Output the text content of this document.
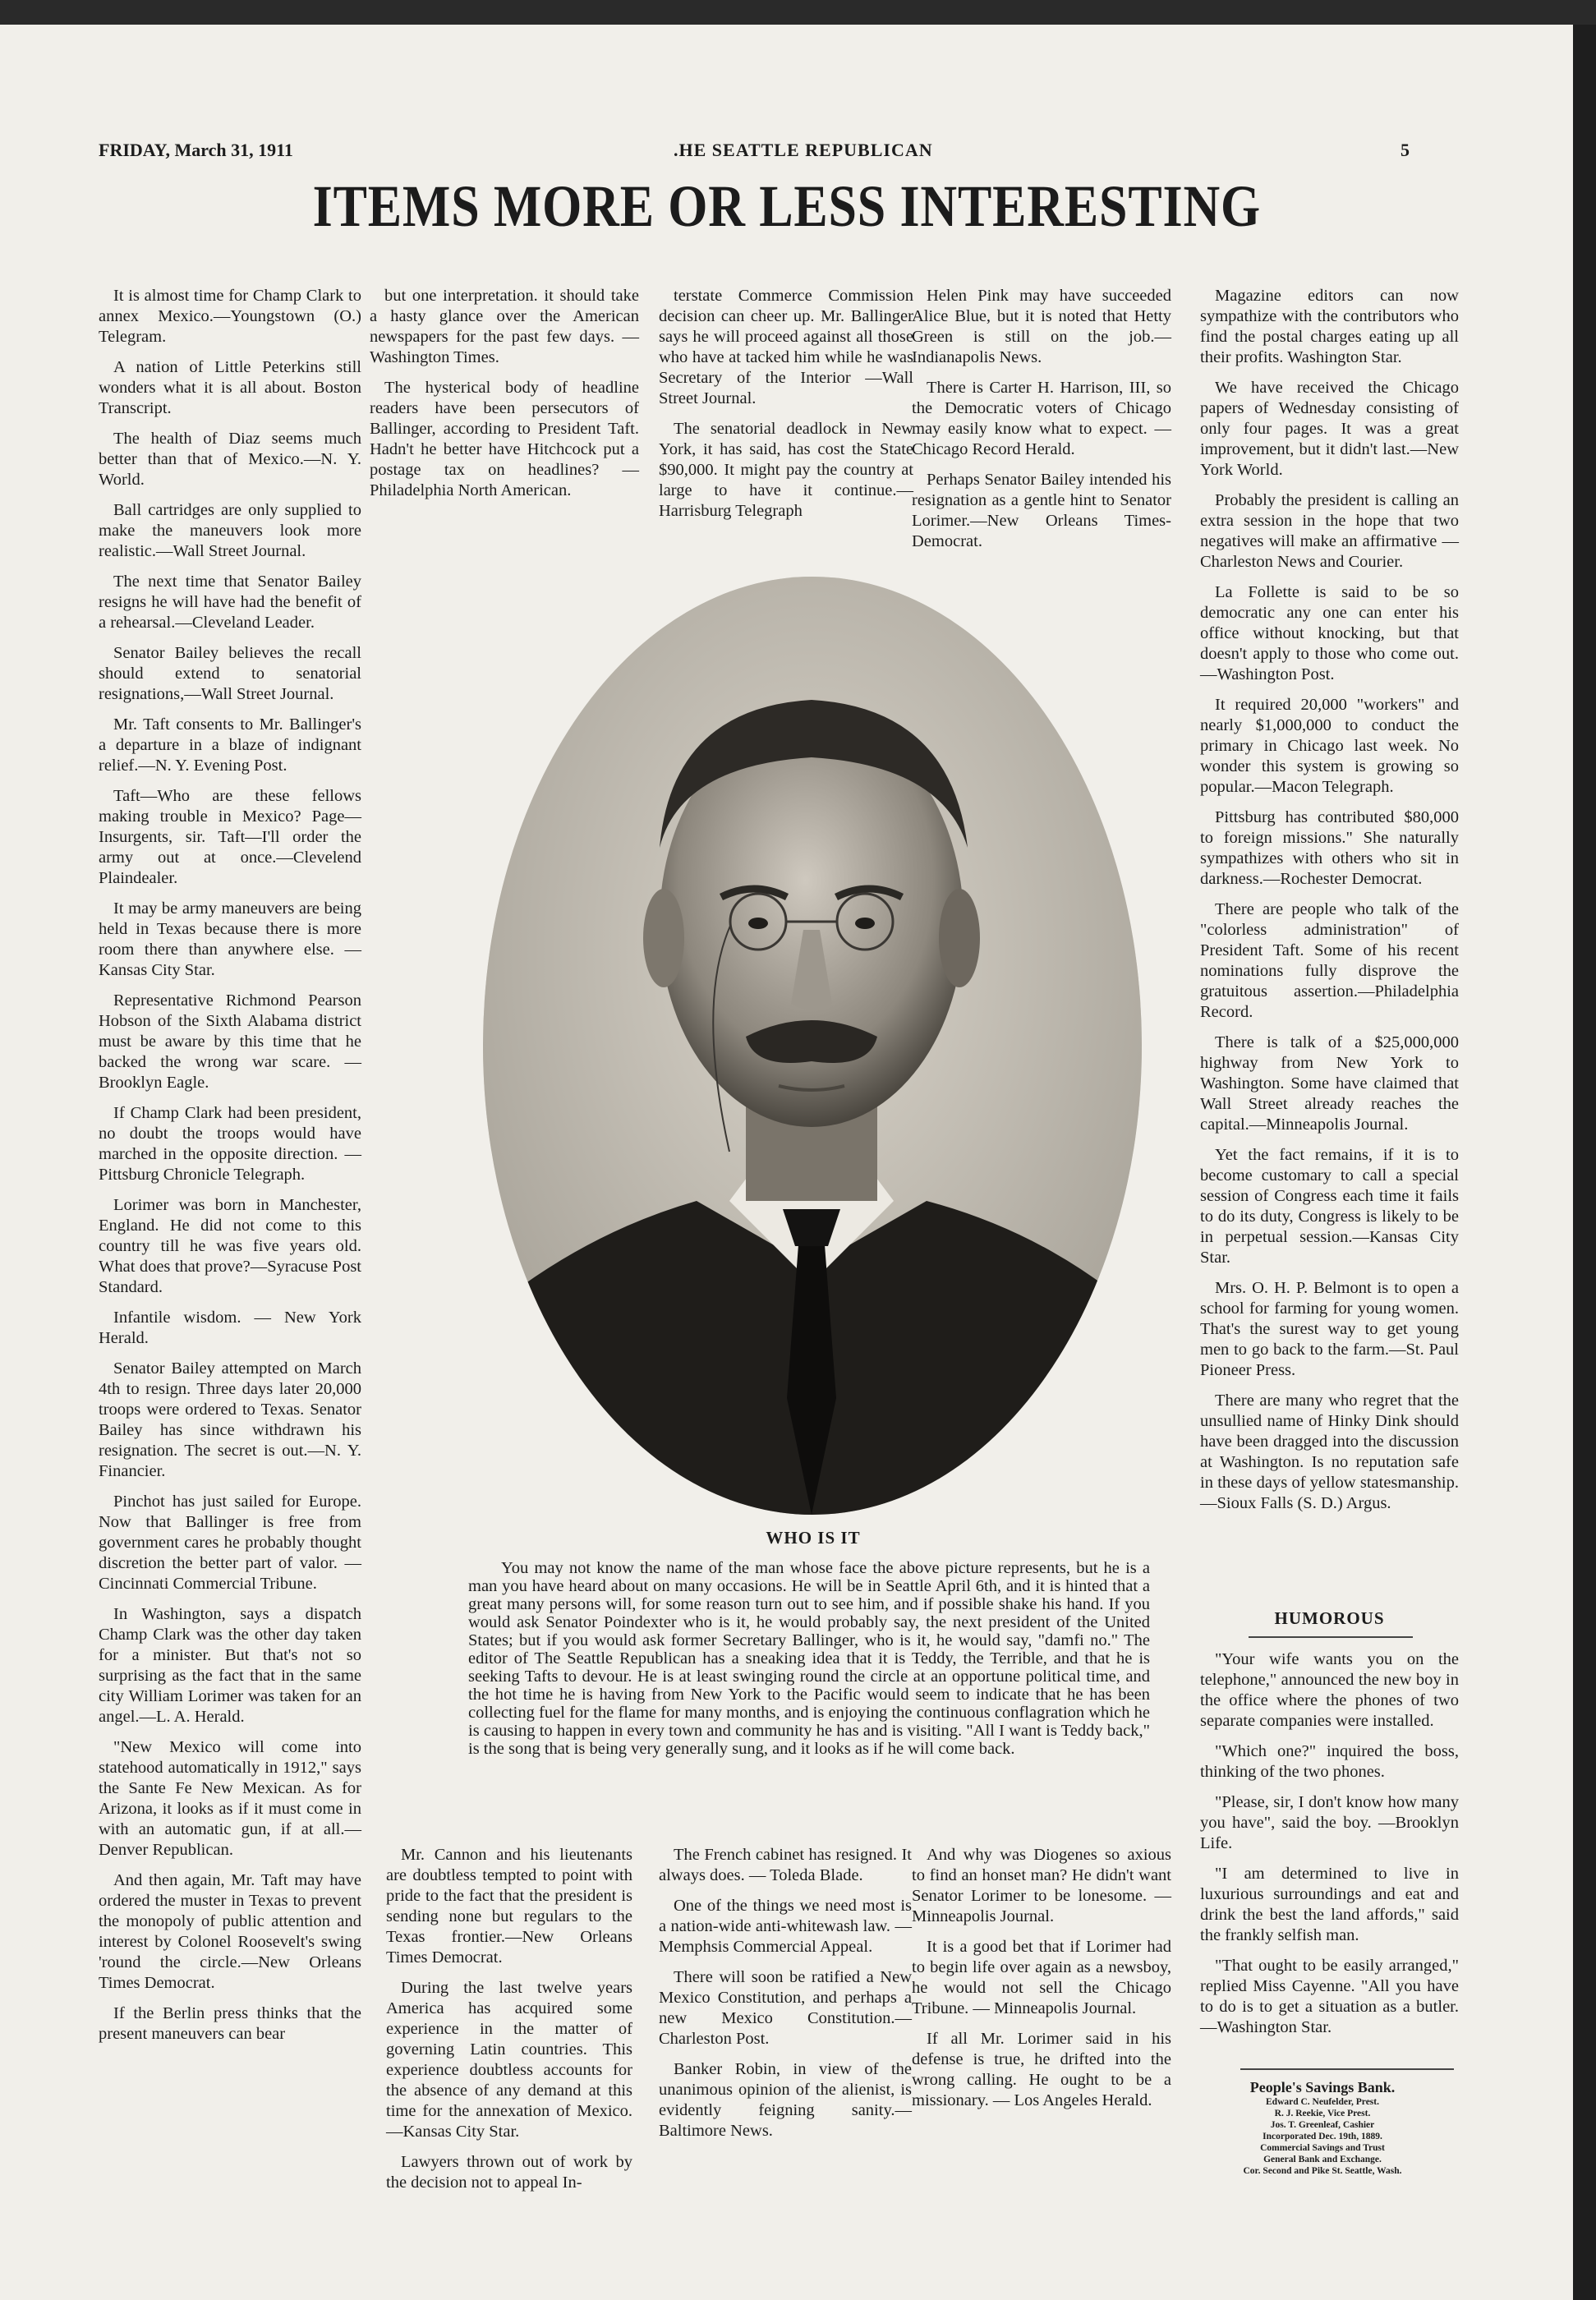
FRIDAY, March 31, 1911	.HE SEATTLE REPUBLICAN	5
ITEMS MORE OR LESS INTERESTING

It is almost time for Champ Clark to annex Mexico.—Youngstown (O.) Telegram.

A nation of Little Peterkins still wonders what it is all about. Boston Transcript.

The health of Diaz seems much better than that of Mexico.—N. Y. World.

Ball cartridges are only supplied to make the maneuvers look more realistic.—Wall Street Journal.

The next time that Senator Bailey resigns he will have had the benefit of a rehearsal.—Cleveland Leader.

Senator Bailey believes the recall should extend to senatorial resignations,—Wall Street Journal.

Mr. Taft consents to Mr. Ballinger's a departure in a blaze of indignant relief.—N. Y. Evening Post.

Taft—Who are these fellows making trouble in Mexico? Page—Insurgents, sir. Taft—I'll order the army out at once.—Clevelend Plaindealer.

It may be army maneuvers are being held in Texas because there is more room there than anywhere else. — Kansas City Star.

Representative Richmond Pearson Hobson of the Sixth Alabama district must be aware by this time that he backed the wrong war scare. — Brooklyn Eagle.

If Champ Clark had been president, no doubt the troops would have marched in the opposite direction. — Pittsburg Chronicle Telegraph.

Lorimer was born in Manchester, England. He did not come to this country till he was five years old. What does that prove?—Syracuse Post Standard.

Infantile wisdom. — New York Herald.

Senator Bailey attempted on March 4th to resign. Three days later 20,000 troops were ordered to Texas. Senator Bailey has since withdrawn his resignation. The secret is out.—N. Y. Financier.

Pinchot has just sailed for Europe. Now that Ballinger is free from government cares he probably thought discretion the better part of valor. —Cincinnati Commercial Tribune.

In Washington, says a dispatch Champ Clark was the other day taken for a minister. But that's not so surprising as the fact that in the same city William Lorimer was taken for an angel.—L. A. Herald.

"New Mexico will come into statehood automatically in 1912," says the Sante Fe New Mexican. As for Arizona, it looks as if it must come in with an automatic gun, if at all.—Denver Republican.

And then again, Mr. Taft may have ordered the muster in Texas to prevent the monopoly of public attention and interest by Colonel Roosevelt's swing 'round the circle.—New Orleans Times Democrat.

If the Berlin press thinks that the present maneuvers can bear

but one interpretation. it should take a hasty glance over the American newspapers for the past few days. — Washington Times.

The hysterical body of headline readers have been persecutors of Ballinger, according to President Taft. Hadn't he better have Hitchcock put a postage tax on headlines? — Philadelphia North American.

terstate Commerce Commission decision can cheer up. Mr. Ballinger says he will proceed against all those who have at tacked him while he was Secretary of the Interior —Wall Street Journal.

The senatorial deadlock in New York, it has said, has cost the State $90,000. It might pay the country at large to have it continue.—Harrisburg Telegraph

Helen Pink may have succeeded Alice Blue, but it is noted that Hetty Green is still on the job.—Indianapolis News.

There is Carter H. Harrison, III, so the Democratic voters of Chicago may easily know what to expect. — Chicago Record Herald.

Perhaps Senator Bailey intended his resignation as a gentle hint to Senator Lorimer.—New Orleans Times-Democrat.

Magazine editors can now sympathize with the contributors who find the postal charges eating up all their profits. Washington Star.

We have received the Chicago papers of Wednesday consisting of only four pages. It was a great improvement, but it didn't last.—New York World.

Probably the president is calling an extra session in the hope that two negatives will make an affirmative — Charleston News and Courier.

La Follette is said to be so democratic any one can enter his office without knocking, but that doesn't apply to those who come out.—Washington Post.

It required 20,000 "workers" and nearly $1,000,000 to conduct the primary in Chicago last week. No wonder this system is growing so popular.—Macon Telegraph.

Pittsburg has contributed $80,000 to foreign missions." She naturally sympathizes with others who sit in darkness.—Rochester Democrat.

There are people who talk of the "colorless administration" of President Taft. Some of his recent nominations fully disprove the gratuitous assertion.—Philadelphia Record.

There is talk of a $25,000,000 highway from New York to Washington. Some have claimed that Wall Street already reaches the capital.—Minneapolis Journal.

Yet the fact remains, if it is to become customary to call a special session of Congress each time it fails to do its duty, Congress is likely to be in perpetual session.—Kansas City Star.

Mrs. O. H. P. Belmont is to open a school for farming for young women. That's the surest way to get young men to go back to the farm.—St. Paul Pioneer Press.

There are many who regret that the unsullied name of Hinky Dink should have been dragged into the discussion at Washington. Is no reputation safe in these days of yellow statesmanship.—Sioux Falls (S. D.) Argus.

WHO IS IT

You may not know the name of the man whose face the above picture represents, but he is a man you have heard about on many occasions. He will be in Seattle April 6th, and it is hinted that a great many persons will, for some reason turn out to see him, and if possible shake his hand. If you would ask Senator Poindexter who is it, he would probably say, the next president of the United States; but if you would ask former Secretary Ballinger, who is it, he would say, "damfi no." The editor of The Seattle Republican has a sneaking idea that it is Teddy, the Terrible, and that he is seeking Tafts to devour. He is at least swinging round the circle at an opportune political time, and the hot time he is having from New York to the Pacific would seem to indicate that he has been collecting fuel for the flame for many months, and is enjoying the continuous conflagration which he is causing to happen in every town and community he has and is visiting. "All I want is Teddy back," is the song that is being very generally sung, and it looks as if he will come back.

Mr. Cannon and his lieutenants are doubtless tempted to point with pride to the fact that the president is sending none but regulars to the Texas frontier.—New Orleans Times Democrat.

During the last twelve years America has acquired some experience in the matter of governing Latin countries. This experience doubtless accounts for the absence of any demand at this time for the annexation of Mexico.—Kansas City Star.

Lawyers thrown out of work by the decision not to appeal In-

The French cabinet has resigned. It always does. — Toleda Blade.

One of the things we need most is a nation-wide anti-whitewash law. — Memphsis Commercial Appeal.

There will soon be ratified a New Mexico Constitution, and perhaps a new Mexico Constitution.—Charleston Post.

Banker Robin, in view of the unanimous opinion of the alienist, is evidently feigning sanity.—Baltimore News.

And why was Diogenes so axious to find an honset man? He didn't want Senator Lorimer to be lonesome. — Minneapolis Journal.

It is a good bet that if Lorimer had to begin life over again as a newsboy, he would not sell the Chicago Tribune. — Minneapolis Journal.

If all Mr. Lorimer said in his defense is true, he drifted into the wrong calling. He ought to be a missionary. — Los Angeles Herald.

HUMOROUS

"Your wife wants you on the telephone," announced the new boy in the office where the phones of two separate companies were installed.

"Which one?" inquired the boss, thinking of the two phones.

"Please, sir, I don't know how many you have", said the boy. —Brooklyn Life.

"I am determined to live in luxurious surroundings and eat and drink the best the land affords," said the frankly selfish man.

"That ought to be easily arranged," replied Miss Cayenne. "All you have to do is to get a situation as a butler.—Washington Star.

People's Savings Bank.
Edward C. Neufelder, Prest.
R. J. Reekie, Vice Prest.
Jos. T. Greenleaf, Cashier
Incorporated Dec. 19th, 1889.
Commercial Savings and Trust
General Bank and Exchange.
Cor. Second and Pike St. Seattle, Wash.
